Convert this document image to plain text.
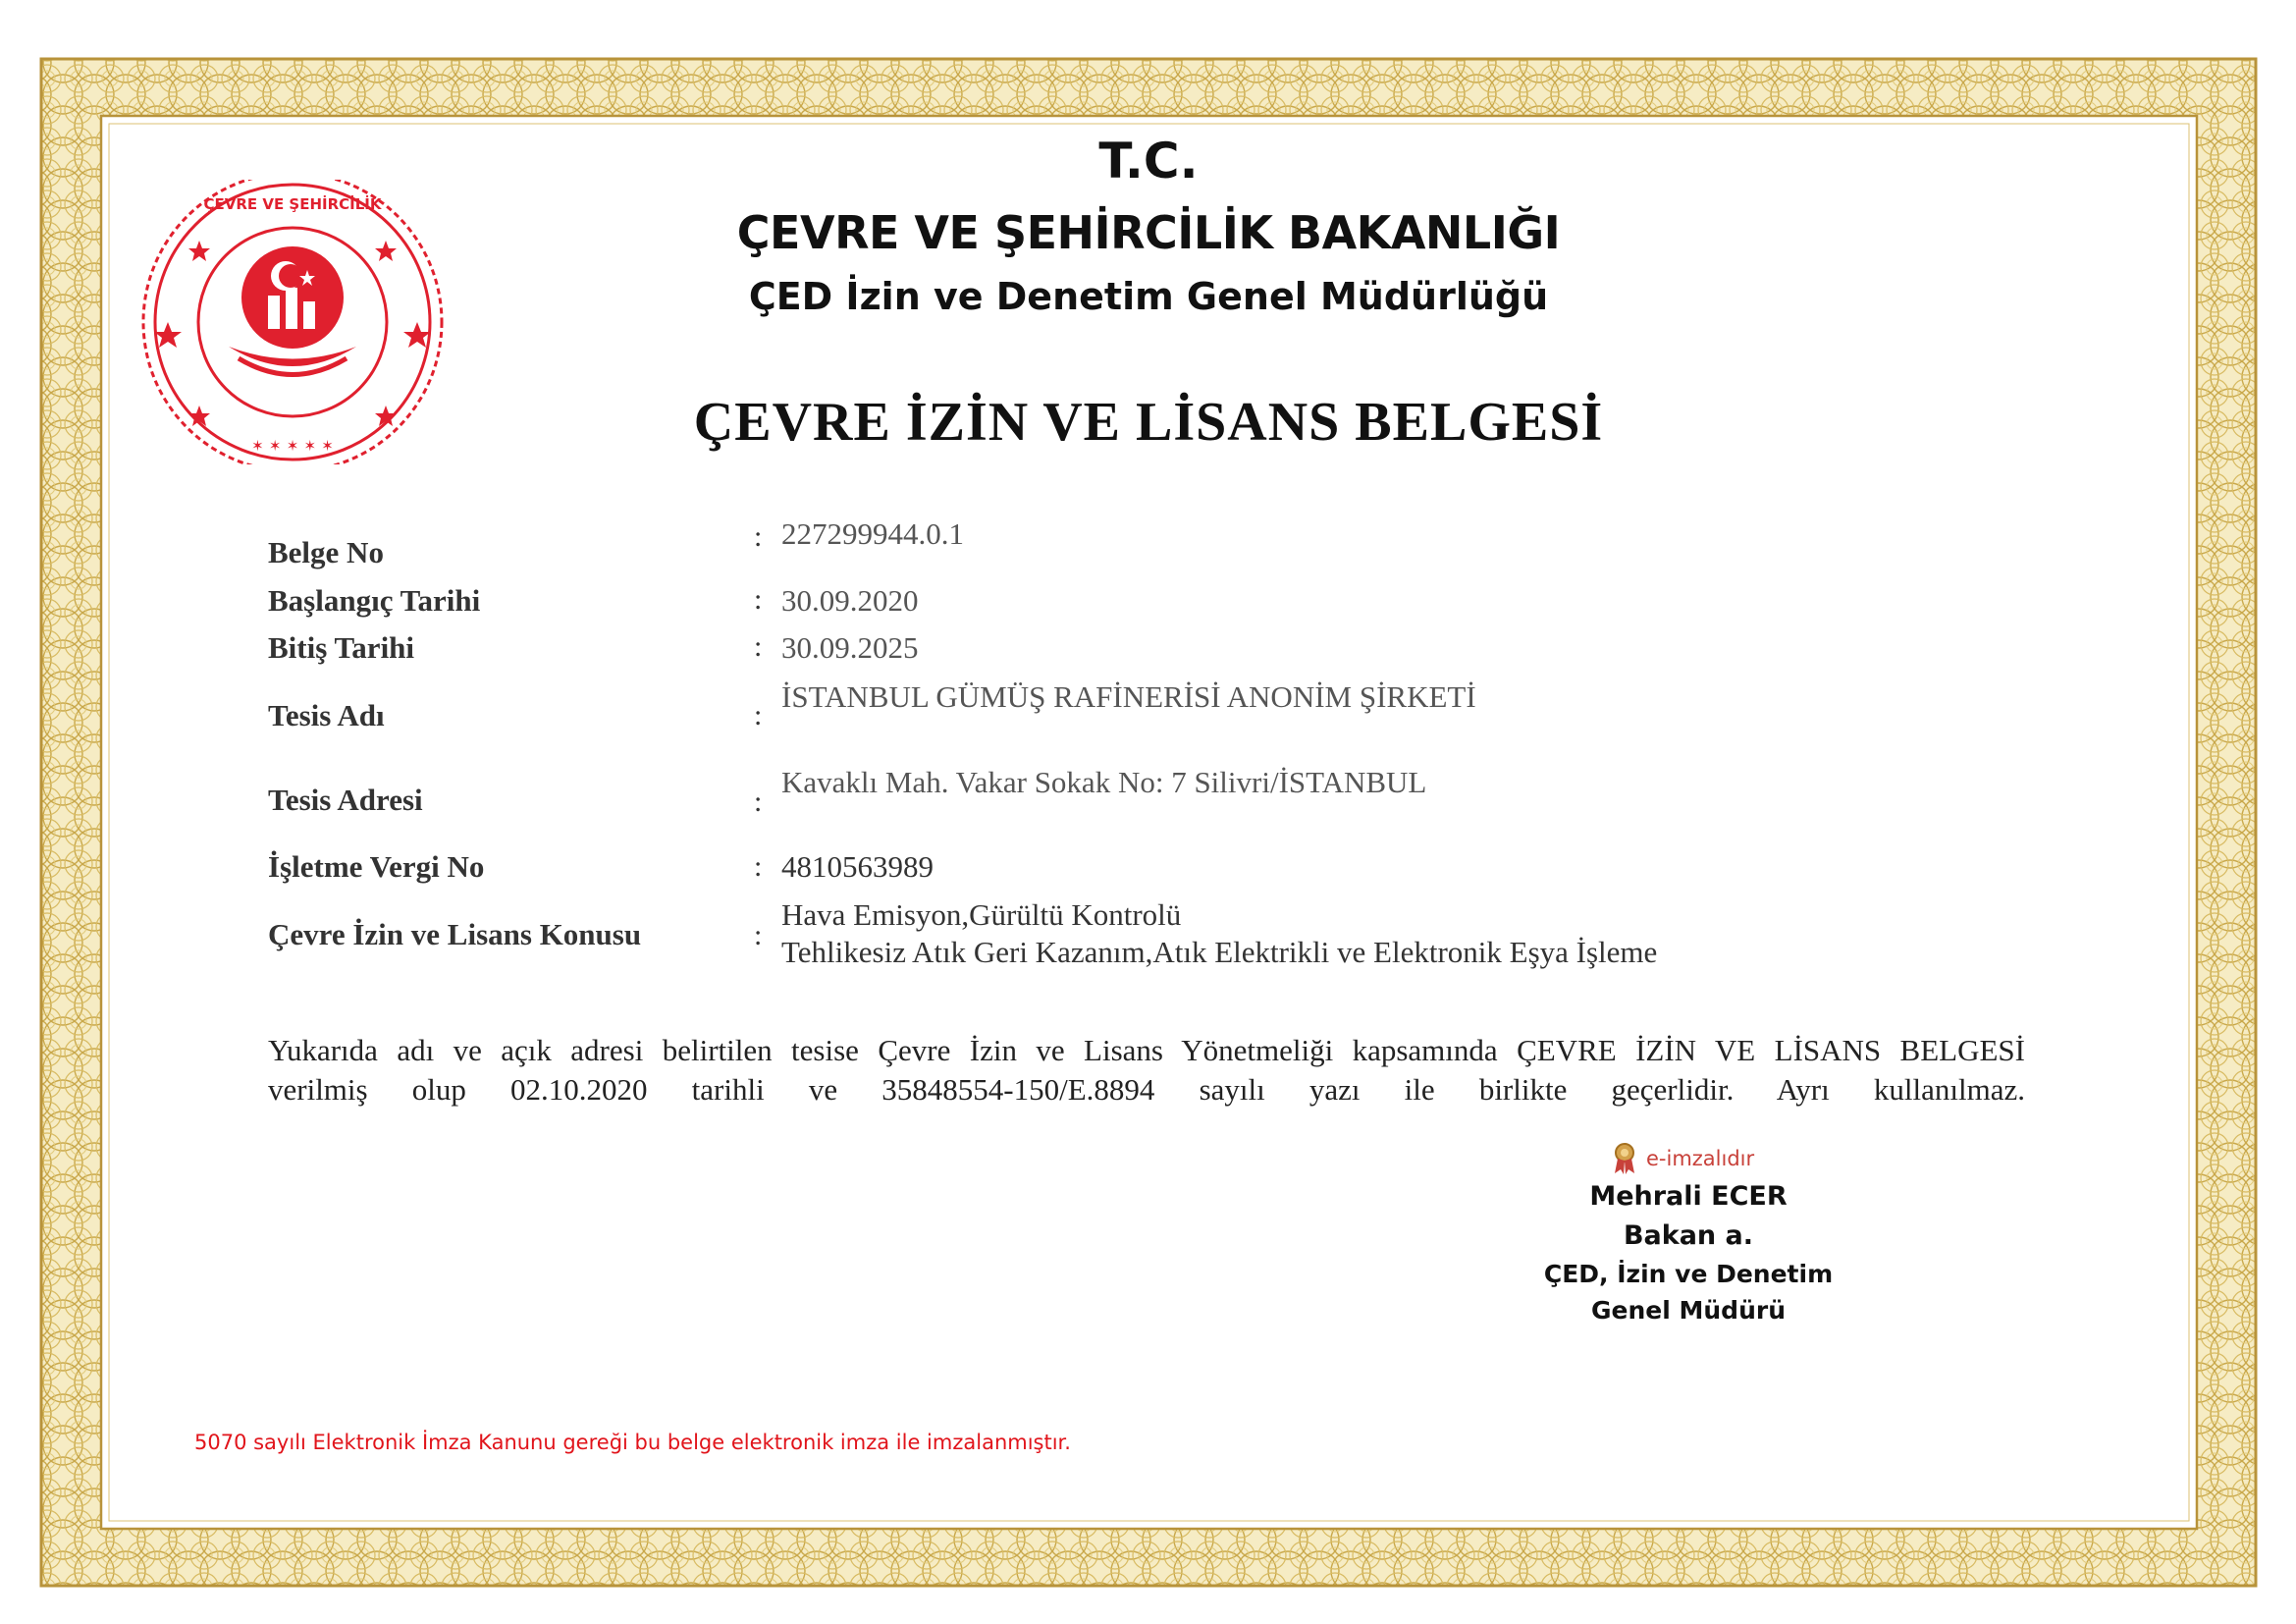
ÇEVRE VE ŞEHİRCİLİK
✶ ✶ ✶ ✶ ✶
T.C.
ÇEVRE VE ŞEHİRCİLİK BAKANLIĞI
ÇED İzin ve Denetim Genel Müdürlüğü
ÇEVRE İZİN VE LİSANS BELGESİ
Belge No	: 227299944.0.1
Başlangıç Tarihi	: 30.09.2020
Bitiş Tarihi	: 30.09.2025
Tesis Adı	:
İSTANBUL GÜMÜŞ RAFİNERİSİ ANONİM ŞİRKETİ
Tesis Adresi	:
Kavaklı Mah. Vakar Sokak No: 7 Silivri/İSTANBUL
İşletme Vergi No	: 4810563989
Çevre İzin ve Lisans Konusu	:
Hava Emisyon,Gürültü Kontrolü
Tehlikesiz Atık Geri Kazanım,Atık Elektrikli ve Elektronik Eşya İşleme
Yukarıda adı ve açık adresi belirtilen tesise Çevre İzin ve Lisans Yönetmeliği kapsamında ÇEVRE İZİN VE LİSANS BELGESİ
verilmiş olup 02.10.2020 tarihli ve 35848554-150/E.8894 sayılı yazı ile birlikte geçerlidir. Ayrı kullanılmaz.
e-imzalıdır
Mehrali ECER
Bakan a.
ÇED, İzin ve Denetim
Genel Müdürü
5070 sayılı Elektronik İmza Kanunu gereği bu belge elektronik imza ile imzalanmıştır.
